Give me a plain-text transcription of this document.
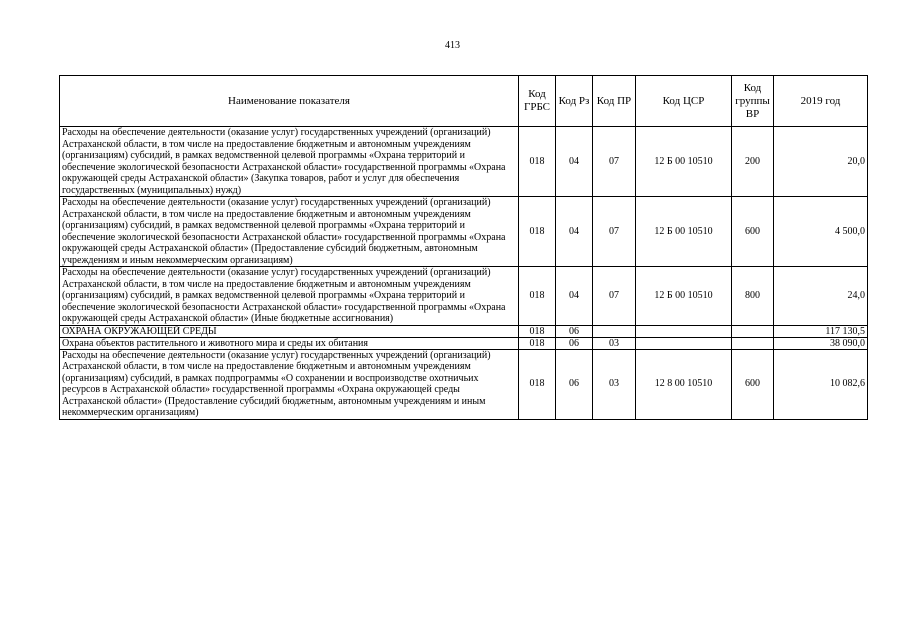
413
Наименование показателя	Код ГРБС	Код Рз	Код ПР	Код ЦСР	Код группы ВР	2019 год
Расходы на обеспечение деятельности (оказание услуг) государственных учреждений (организаций) Астраханской области, в том числе на предоставление бюджетным и автономным учреждениям (организациям) субсидий, в рамках ведомственной целевой программы «Охрана территорий и обеспечение экологической безопасности Астраханской области» государственной программы «Охрана окружающей среды Астраханской области» (Закупка товаров, работ и услуг для обеспечения государственных (муниципальных) нужд)	018	04	07	12 Б 00 10510	200	20,0
Расходы на обеспечение деятельности (оказание услуг) государственных учреждений (организаций) Астраханской области, в том числе на предоставление бюджетным и автономным учреждениям (организациям) субсидий, в рамках ведомственной целевой программы «Охрана территорий и обеспечение экологической безопасности Астраханской области» государственной программы «Охрана окружающей среды Астраханской области» (Предоставление субсидий бюджетным, автономным учреждениям и иным некоммерческим организациям)	018	04	07	12 Б 00 10510	600	4 500,0
Расходы на обеспечение деятельности (оказание услуг) государственных учреждений (организаций) Астраханской области, в том числе на предоставление бюджетным и автономным учреждениям (организациям) субсидий, в рамках ведомственной целевой программы «Охрана территорий и обеспечение экологической безопасности Астраханской области» государственной программы «Охрана окружающей среды Астраханской области» (Иные бюджетные ассигнования)	018	04	07	12 Б 00 10510	800	24,0
ОХРАНА ОКРУЖАЮЩЕЙ СРЕДЫ	018	06				117 130,5
Охрана объектов растительного и животного мира и среды их обитания	018	06	03			38 090,0
Расходы на обеспечение деятельности (оказание услуг) государственных учреждений (организаций) Астраханской области, в том числе на предоставление бюджетным и автономным учреждениям (организациям) субсидий, в рамках подпрограммы «О сохранении и воспроизводстве охотничьих ресурсов в Астраханской области» государственной программы «Охрана окружающей среды Астраханской области» (Предоставление субсидий бюджетным, автономным учреждениям и иным некоммерческим организациям)	018	06	03	12 8 00 10510	600	10 082,6
